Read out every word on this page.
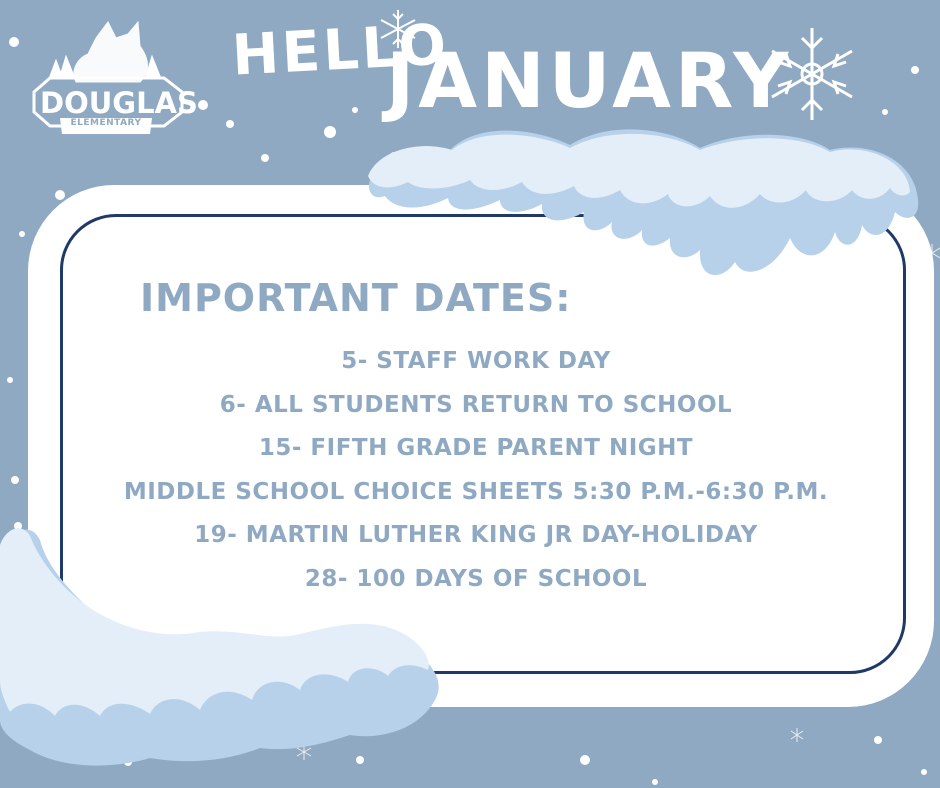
DOUGLAS
ELEMENTARY
HELLO
JANUARY
IMPORTANT DATES:
5- STAFF WORK DAY
6- ALL STUDENTS RETURN TO SCHOOL
15- FIFTH GRADE PARENT NIGHT
MIDDLE SCHOOL CHOICE SHEETS 5:30 P.M.-6:30 P.M.
19- MARTIN LUTHER KING JR DAY-HOLIDAY
28- 100 DAYS OF SCHOOL
